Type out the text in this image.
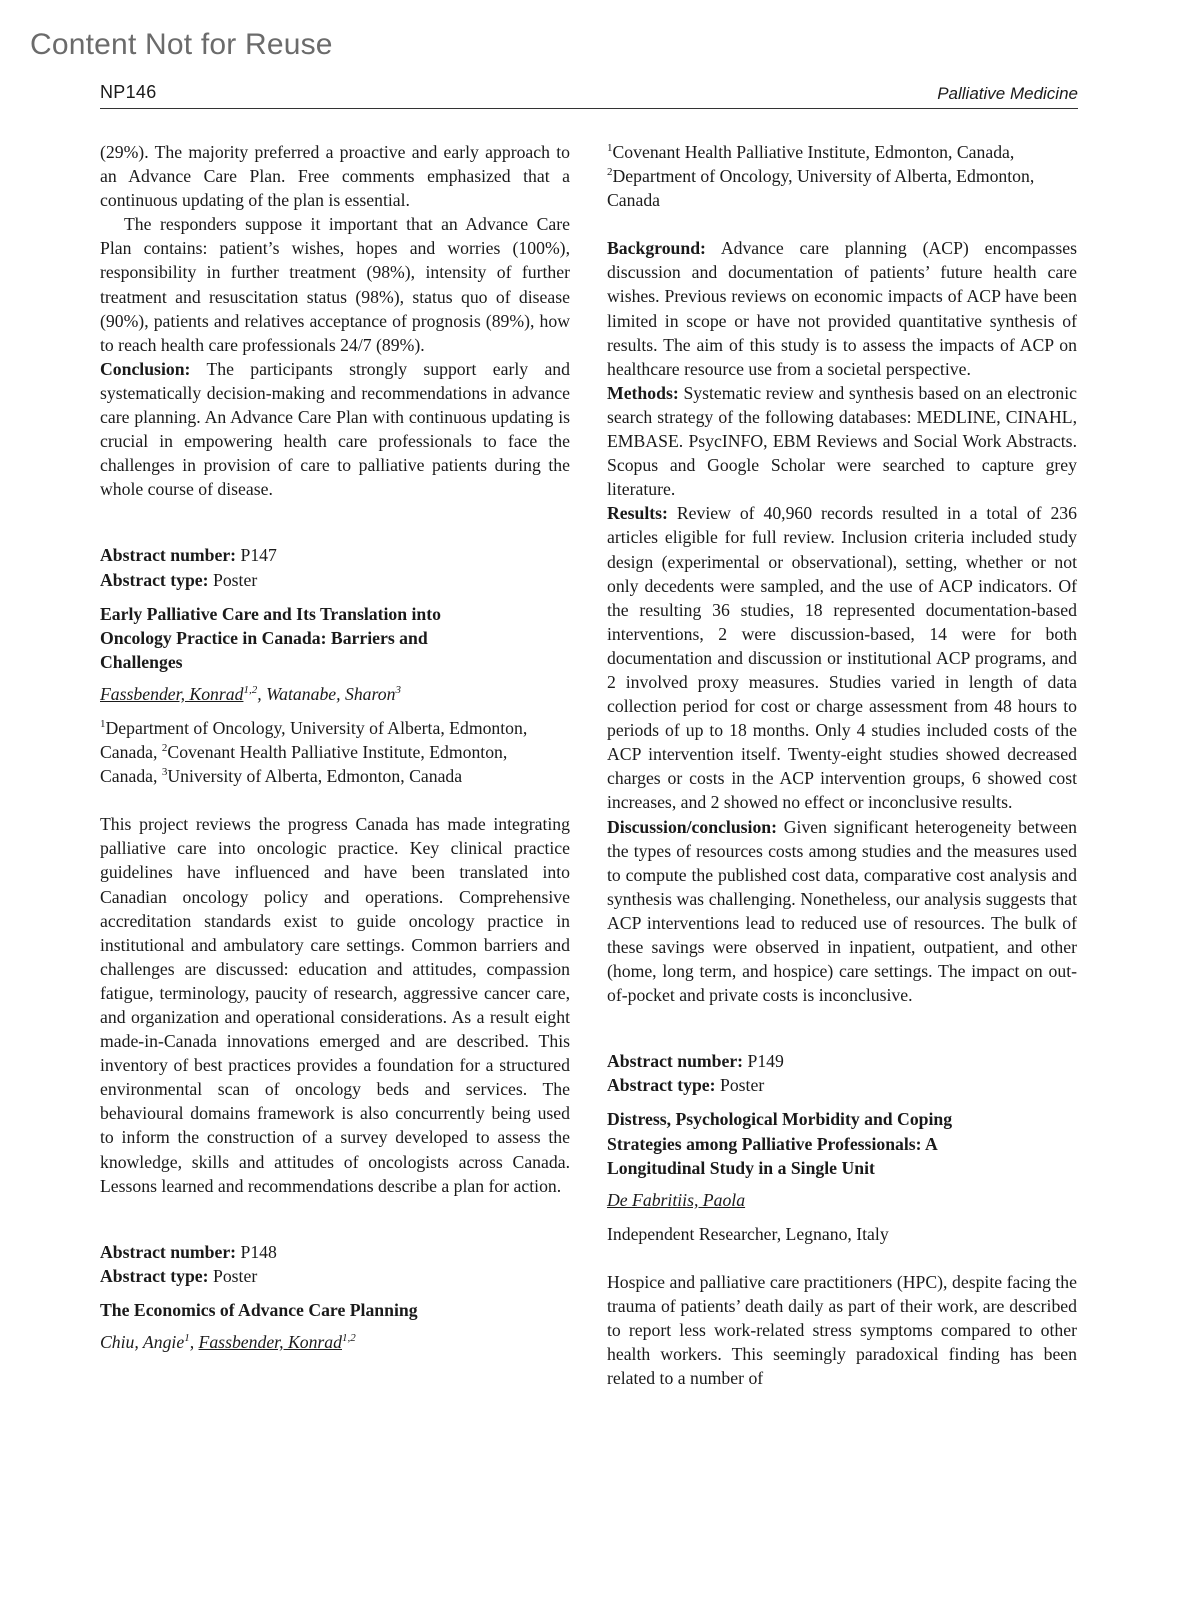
Content Not for Reuse
NP146	Palliative Medicine

(29%). The majority preferred a proactive and early approach to an Advance Care Plan. Free comments emphasized that a continuous updating of the plan is essential.

The responders suppose it important that an Advance Care Plan contains: patient’s wishes, hopes and worries (100%), responsibility in further treatment (98%), intensity of further treatment and resuscitation status (98%), status quo of disease (90%), patients and relatives acceptance of prognosis (89%), how to reach health care professionals 24/7 (89%).

Conclusion: The participants strongly support early and systematically decision-making and recommendations in advance care planning. An Advance Care Plan with continuous updating is crucial in empowering health care professionals to face the challenges in provision of care to palliative patients during the whole course of disease.

Abstract number: P147

Abstract type: Poster

Early Palliative Care and Its Translation into Oncology Practice in Canada: Barriers and Challenges

Fassbender, Konrad$^{1,2}$, Watanabe, Sharon$^3$

$^1$Department of Oncology, University of Alberta, Edmonton, Canada, $^2$Covenant Health Palliative Institute, Edmonton, Canada, $^3$University of Alberta, Edmonton, Canada

This project reviews the progress Canada has made integrating palliative care into oncologic practice. Key clinical practice guidelines have influenced and have been translated into Canadian oncology policy and operations. Comprehensive accreditation standards exist to guide oncology practice in institutional and ambulatory care settings. Common barriers and challenges are discussed: education and attitudes, compassion fatigue, terminology, paucity of research, aggressive cancer care, and organization and operational considerations. As a result eight made-in-Canada innovations emerged and are described. This inventory of best practices provides a foundation for a structured environmental scan of oncology beds and services. The behavioural domains framework is also concurrently being used to inform the construction of a survey developed to assess the knowledge, skills and attitudes of oncologists across Canada. Lessons learned and recommendations describe a plan for action.

Abstract number: P148

Abstract type: Poster

The Economics of Advance Care Planning

Chiu, Angie$^1$, Fassbender, Konrad$^{1,2}$

$^1$Covenant Health Palliative Institute, Edmonton, Canada, $^2$Department of Oncology, University of Alberta, Edmonton, Canada

Background: Advance care planning (ACP) encompasses discussion and documentation of patients’ future health care wishes. Previous reviews on economic impacts of ACP have been limited in scope or have not provided quantitative synthesis of results. The aim of this study is to assess the impacts of ACP on healthcare resource use from a societal perspective.

Methods: Systematic review and synthesis based on an electronic search strategy of the following databases: MEDLINE, CINAHL, EMBASE. PsycINFO, EBM Reviews and Social Work Abstracts. Scopus and Google Scholar were searched to capture grey literature.

Results: Review of 40,960 records resulted in a total of 236 articles eligible for full review. Inclusion criteria included study design (experimental or observational), setting, whether or not only decedents were sampled, and the use of ACP indicators. Of the resulting 36 studies, 18 represented documentation-based interventions, 2 were discussion-based, 14 were for both documentation and discussion or institutional ACP programs, and 2 involved proxy measures. Studies varied in length of data collection period for cost or charge assessment from 48 hours to periods of up to 18 months. Only 4 studies included costs of the ACP intervention itself. Twenty-eight studies showed decreased charges or costs in the ACP intervention groups, 6 showed cost increases, and 2 showed no effect or inconclusive results.

Discussion/conclusion: Given significant heterogeneity between the types of resources costs among studies and the measures used to compute the published cost data, comparative cost analysis and synthesis was challenging. Nonetheless, our analysis suggests that ACP interventions lead to reduced use of resources. The bulk of these savings were observed in inpatient, outpatient, and other (home, long term, and hospice) care settings. The impact on out-of-pocket and private costs is inconclusive.

Abstract number: P149

Abstract type: Poster

Distress, Psychological Morbidity and Coping Strategies among Palliative Professionals: A Longitudinal Study in a Single Unit

De Fabritiis, Paola

Independent Researcher, Legnano, Italy

Hospice and palliative care practitioners (HPC), despite facing the trauma of patients’ death daily as part of their work, are described to report less work-related stress symptoms compared to other health workers. This seemingly paradoxical finding has been related to a number of
